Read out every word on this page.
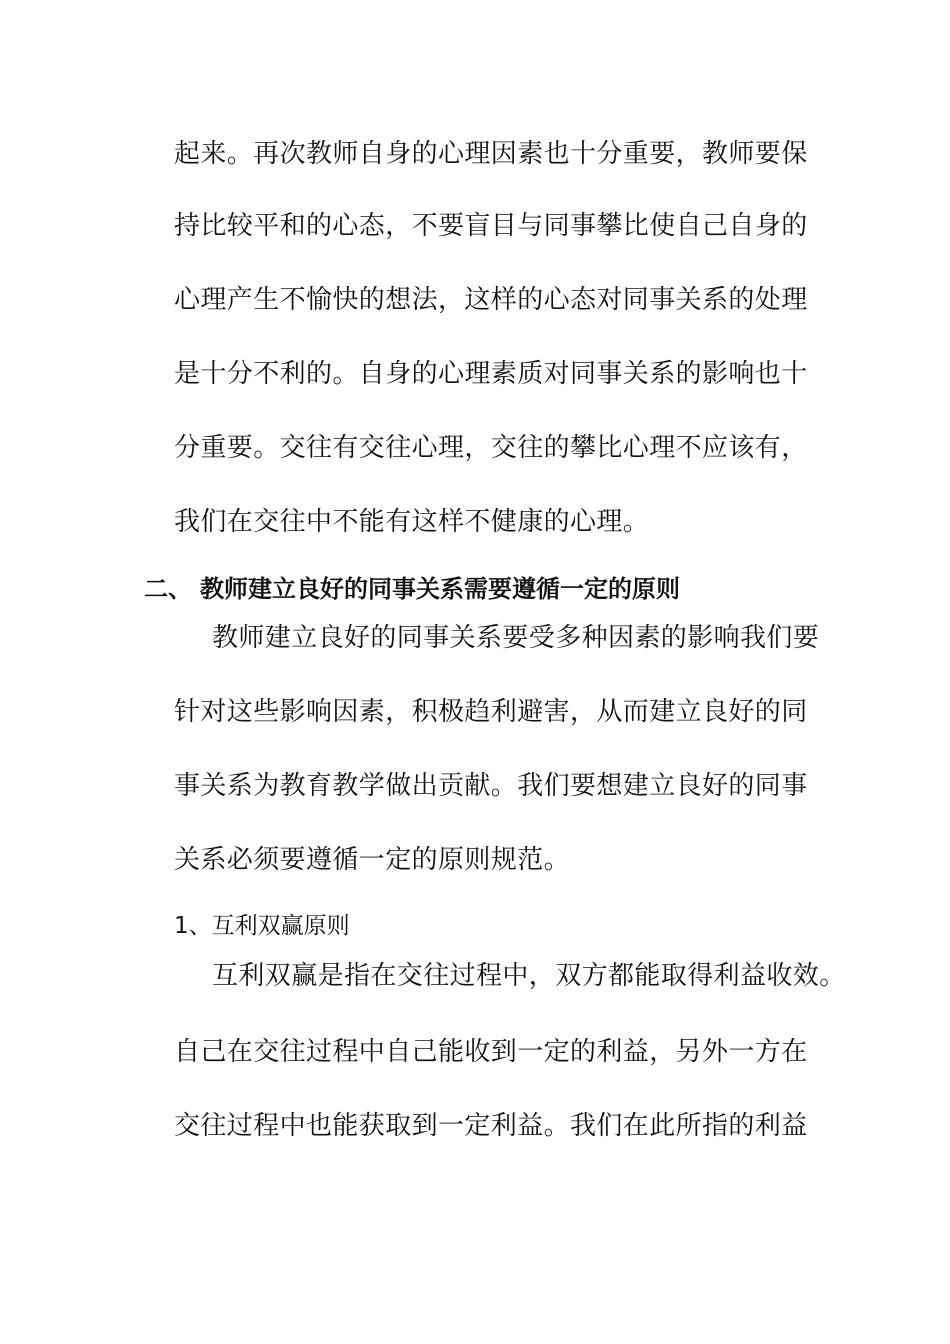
起来。再次教师自身的心理因素也十分重要，教师要保
持比较平和的心态，不要盲目与同事攀比使自己自身的
心理产生不愉快的想法，这样的心态对同事关系的处理
是十分不利的。自身的心理素质对同事关系的影响也十
分重要。交往有交往心理，交往的攀比心理不应该有，
我们在交往中不能有这样不健康的心理。
二、 教师建立良好的同事关系需要遵循一定的原则
教师建立良好的同事关系要受多种因素的影响我们要
针对这些影响因素，积极趋利避害，从而建立良好的同
事关系为教育教学做出贡献。我们要想建立良好的同事
关系必须要遵循一定的原则规范。
1、互利双赢原则
互利双赢是指在交往过程中，双方都能取得利益收效。
自己在交往过程中自己能收到一定的利益，另外一方在
交往过程中也能获取到一定利益。我们在此所指的利益
